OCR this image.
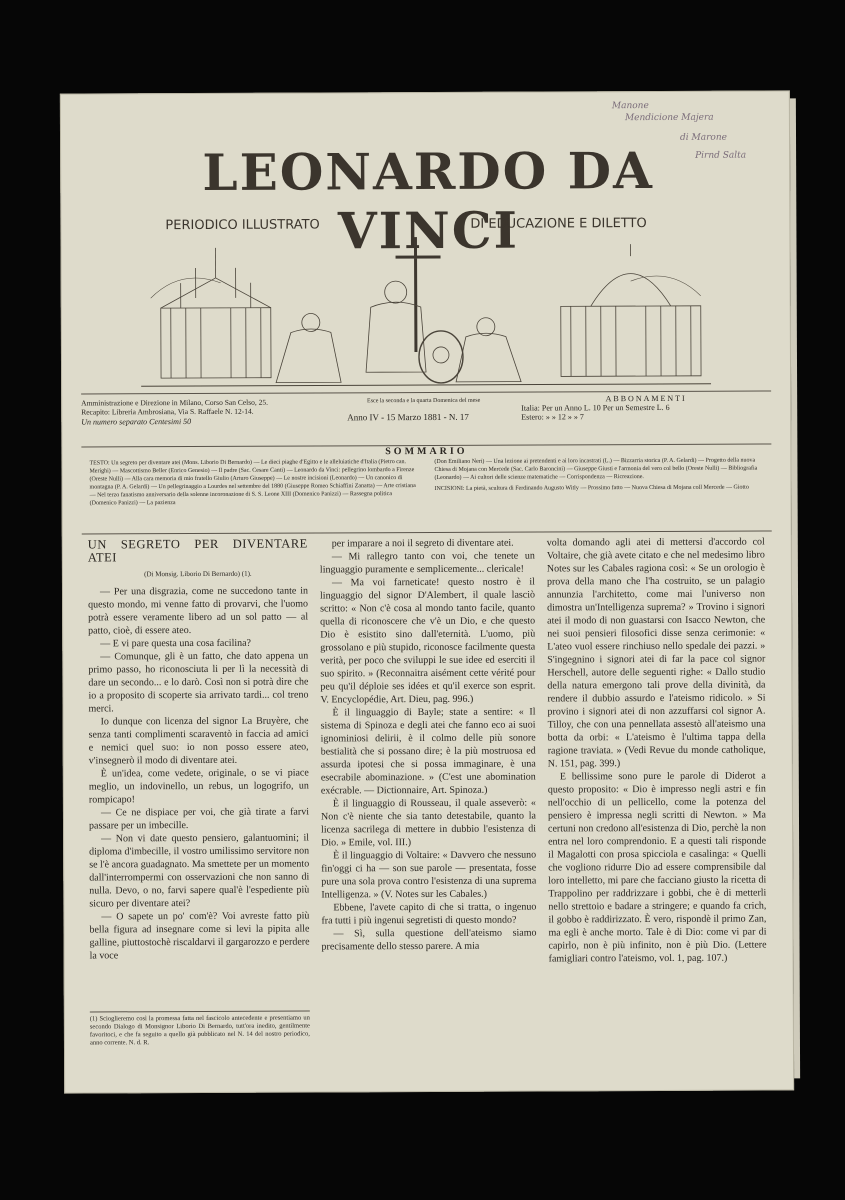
LEONARDO DA VINCI
PERIODICO ILLUSTRATO	DI EDUCAZIONE E DILETTO
Manone
Mendicione Majera
di Marone
Pirnd Salta
Amministrazione e Direzione in Milano, Corso San Celso, 25.
Recapito: Libreria Ambrosiana, Via S. Raffaele N. 12-14.
Un numero separato Centesimi 50
Esce la seconda e la quarta Domenica del mese
Anno IV - 15 Marzo 1881 - N. 17
ABBONAMENTI
Italia: Per un Anno L. 10 Per un Semestre L. 6
Estero: » » 12 » » 7
SOMMARIO
TESTO: Un segreto per diventare atei (Mons. Liborio Di Bernardo) — Le dieci piaghe d'Egitto e le alleluiatiche d'Italia (Pietro can. Merighi) — Mascottismo Beller (Enrico Genesio) — Il padre (Sac. Cesare Canti) — Leonardo da Vinci: pellegrino lombardo a Firenze (Oreste Nulli) — Alla cara memoria di mio fratello Giulio (Arturo Giuseppe) — Le nostre incisioni (Leonardo) — Un canonico di montagna (P. A. Gelardi) — Un pellegrinaggio a Lourdes nel settembre del 1880 (Giuseppe Romeo Schiaffini Zanatta) — Arte cristiana — Nel terzo fanatismo anniversario della solenne incoronazione di S. S. Leone XIII (Domenico Panizzi) — Rassegna politica (Domenico Panizzi) — La pazienza
(Don Emiliano Neri) — Una lezione ai pretendenti e ai loro incastrati (L.) — Bizzarria storica (P. A. Gelardi) — Progetto della nuova Chiesa di Mojana con Mercede (Sac. Carlo Baroncini) — Giuseppe Giusti e l'armonia del vero col bello (Oreste Nulli) — Bibliografia (Leonardo) — Ai cultori delle scienze matematiche — Corrispondenza — Ricreazione.
INCISIONI: La pietà, scultura di Ferdinando Augusto Witly — Prossimo fatto — Nuova Chiesa di Mojana coll Mercede — Giotto
UN SEGRETO PER DIVENTARE ATEI
(Di Monsig. Liborio Di Bernardo) (1).

— Per una disgrazia, come ne succedono tante in questo mondo, mi venne fatto di provarvi, che l'uomo potrà essere veramente libero ad un sol patto — al patto, cioè, di essere ateo.

— E vi pare questa una cosa facilina?

— Comunque, gli è un fatto, che dato appena un primo passo, ho riconosciuta li per lì la necessità di dare un secondo... e lo darò. Così non si potrà dire che io a proposito di scoperte sia arrivato tardi... col treno merci.

Io dunque con licenza del signor La Bruyère, che senza tanti complimenti scaraventò in faccia ad amici e nemici quel suo: io non posso essere ateo, v'insegnerò il modo di diventare atei.

È un'idea, come vedete, originale, o se vi piace meglio, un indovinello, un rebus, un logogrifo, un rompicapo!

— Ce ne dispiace per voi, che già tirate a farvi passare per un imbecille.

— Non vi date questo pensiero, galantuomini; il diploma d'imbecille, il vostro umilissimo servitore non se l'è ancora guadagnato. Ma smettete per un momento dall'interrompermi con osservazioni che non sanno di nulla. Devo, o no, farvi sapere qual'è l'espediente più sicuro per diventare atei?

— O sapete un po' com'è? Voi avreste fatto più bella figura ad insegnare come si levi la pipita alle galline, piuttostochè riscaldarvi il gargarozzo e perdere la voce

(1) Scioglieremo così la promessa fatta nel fascicolo antecedente e presentiamo un secondo Dialogo di Monsignor Liborio Di Bernardo, tutt'ora inedito, gentilmente favoritoci, e che fa seguito a quello già pubblicato nel N. 14 del nostro periodico, anno corrente. N. d. R.

per imparare a noi il segreto di diventare atei.

— Mi rallegro tanto con voi, che tenete un linguaggio puramente e semplicemente... clericale!

— Ma voi farneticate! questo nostro è il linguaggio del signor D'Alembert, il quale lasciò scritto: « Non c'è cosa al mondo tanto facile, quanto quella di riconoscere che v'è un Dio, e che questo Dio è esistito sino dall'eternità. L'uomo, più grossolano e più stupido, riconosce facilmente questa verità, per poco che sviluppi le sue idee ed eserciti il suo spirito. » (Reconnaitra aisément cette vérité pour peu qu'il déploie ses idées et qu'il exerce son esprit. V. Encyclopédie, Art. Dieu, pag. 996.)

È il linguaggio di Bayle; state a sentire: « Il sistema di Spinoza e degli atei che fanno eco ai suoi ignominiosi delirii, è il colmo delle più sonore bestialità che si possano dire; è la più mostruosa ed assurda ipotesi che si possa immaginare, è una esecrabile abominazione. » (C'est une abomination exécrable. — Dictionnaire, Art. Spinoza.)

È il linguaggio di Rousseau, il quale asseverò: « Non c'è niente che sia tanto detestabile, quanto la licenza sacrilega di mettere in dubbio l'esistenza di Dio. » Emile, vol. III.)

È il linguaggio di Voltaire: « Davvero che nessuno fin'oggi ci ha — son sue parole — presentata, fosse pure una sola prova contro l'esistenza di una suprema Intelligenza. » (V. Notes sur les Cabales.)

Ebbene, l'avete capito di che si tratta, o ingenuo fra tutti i più ingenui segretisti di questo mondo?

— Sì, sulla questione dell'ateismo siamo precisamente dello stesso parere. A mia

volta domando agli atei di mettersi d'accordo col Voltaire, che già avete citato e che nel medesimo libro Notes sur les Cabales ragiona così: « Se un orologio è prova della mano che l'ha costruito, se un palagio annunzia l'architetto, come mai l'universo non dimostra un'Intelligenza suprema? » Trovino i signori atei il modo di non guastarsi con Isacco Newton, che nei suoi pensieri filosofici disse senza cerimonie: « L'ateo vuol essere rinchiuso nello spedale dei pazzi. » S'ingegnino i signori atei di far la pace col signor Herschell, autore delle seguenti righe: « Dallo studio della natura emergono tali prove della divinità, da rendere il dubbio assurdo e l'ateismo ridicolo. » Si provino i signori atei di non azzuffarsi col signor A. Tilloy, che con una pennellata assestò all'ateismo una botta da orbi: « L'ateismo è l'ultima tappa della ragione traviata. » (Vedi Revue du monde catholique, N. 151, pag. 399.)

E bellissime sono pure le parole di Diderot a questo proposito: « Dio è impresso negli astri e fin nell'occhio di un pellicello, come la potenza del pensiero è impressa negli scritti di Newton. » Ma certuni non credono all'esistenza di Dio, perchè la non entra nel loro comprendonio. E a questi tali risponde il Magalotti con prosa spicciola e casalinga: « Quelli che vogliono ridurre Dio ad essere comprensibile dal loro intelletto, mi pare che facciano giusto la ricetta di Trappolino per raddrizzare i gobbi, che è di metterli nello strettoio e badare a stringere; e quando fa crich, il gobbo è raddirizzato. È vero, rispondè il primo Zan, ma egli è anche morto. Tale è di Dio: come vi par di capirlo, non è più infinito, non è più Dio. (Lettere famigliari contro l'ateismo, vol. 1, pag. 107.)
